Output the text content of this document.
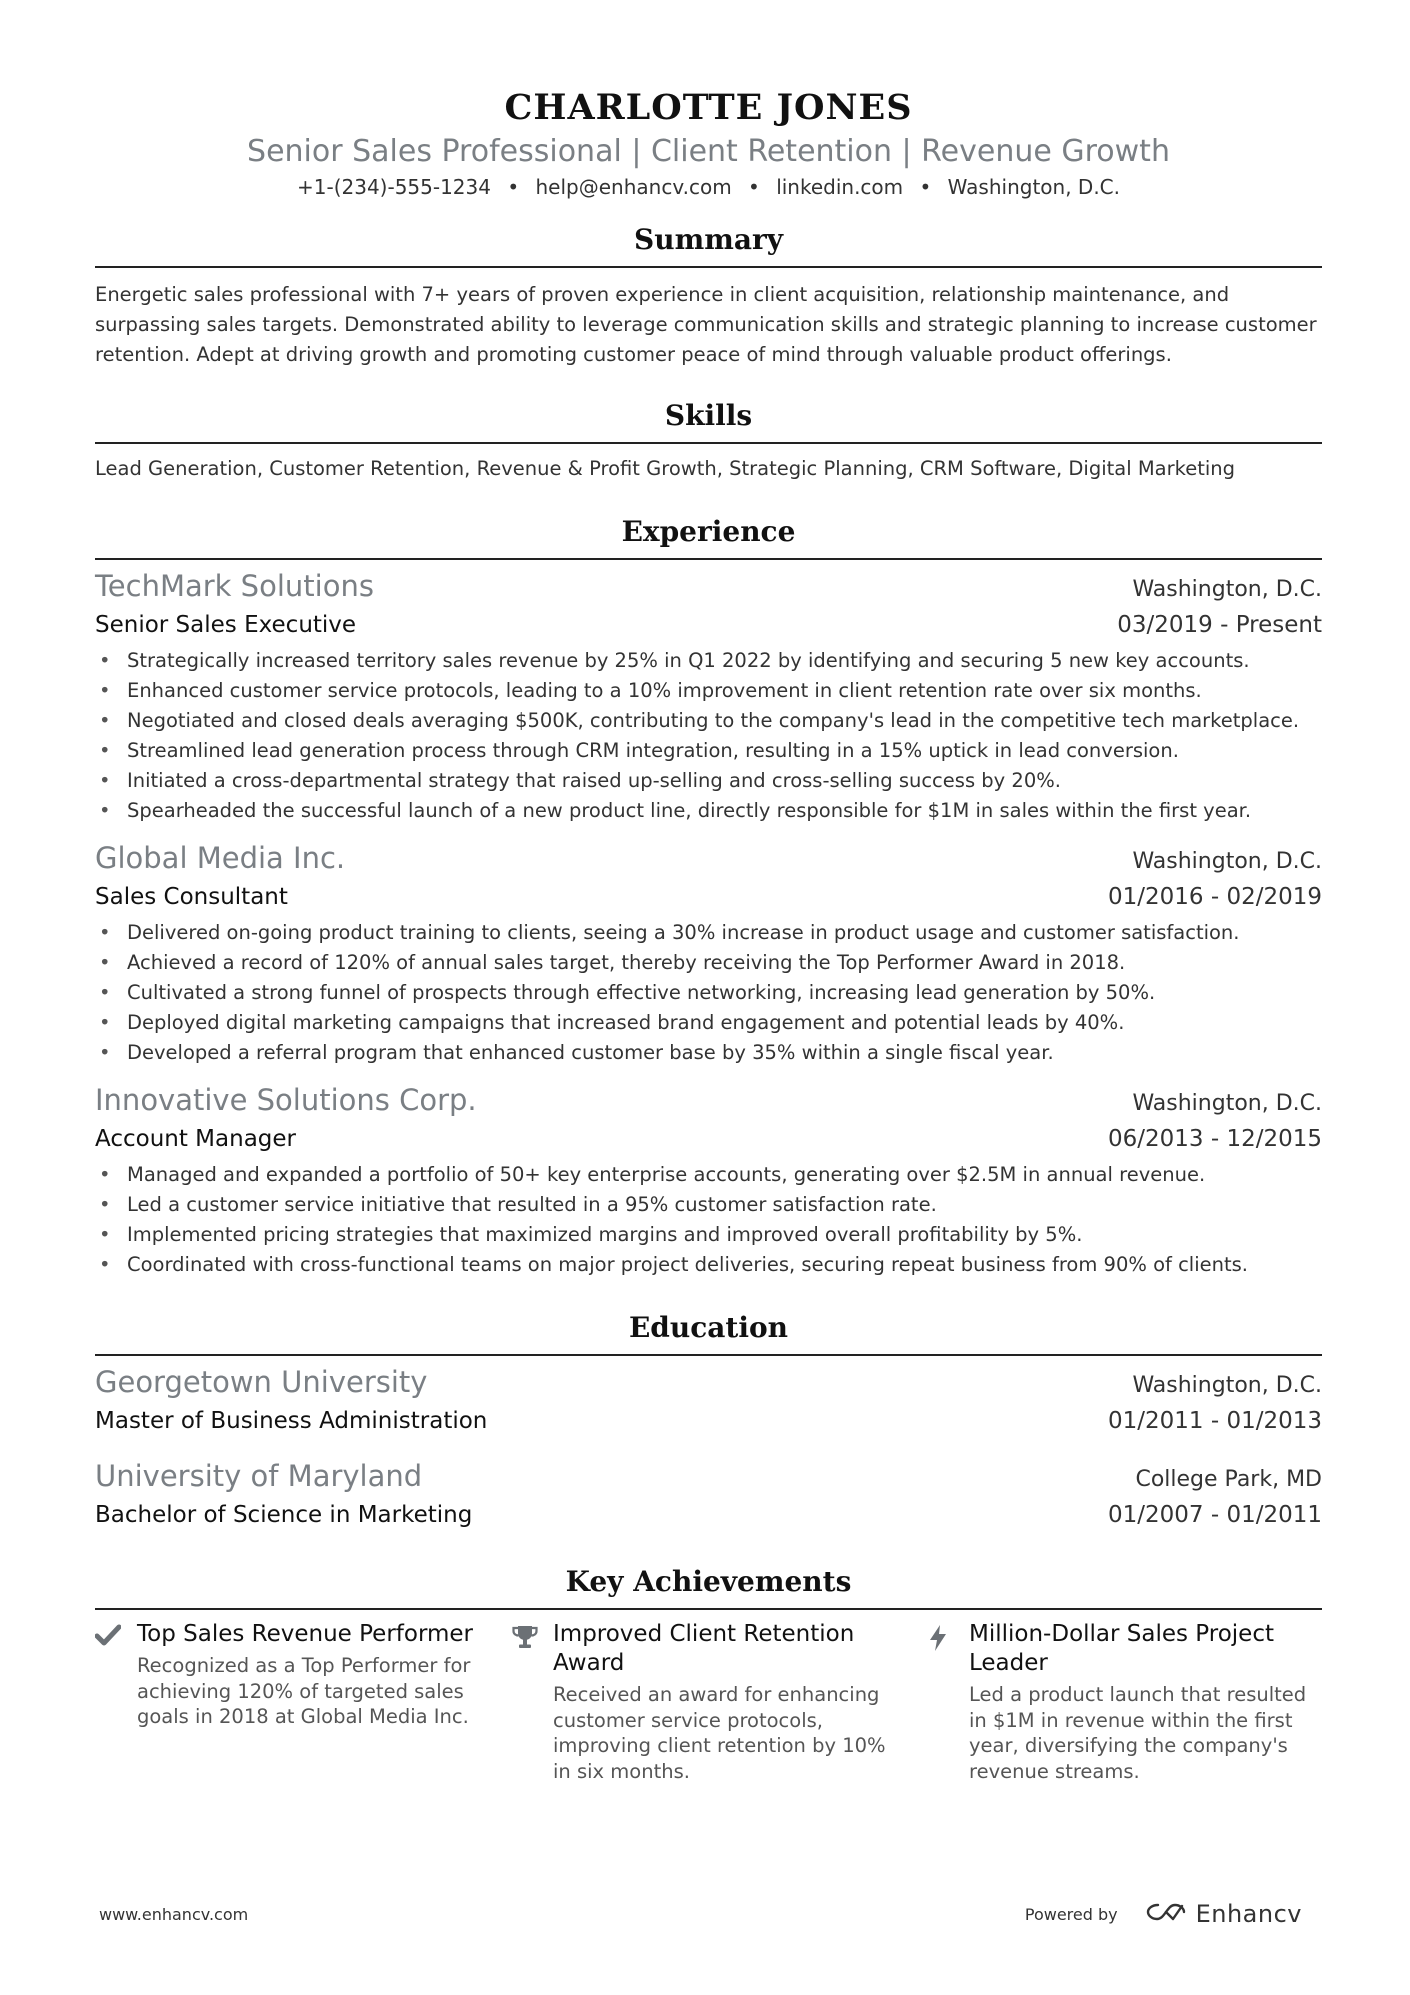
CHARLOTTE JONES
Senior Sales Professional | Client Retention | Revenue Growth
+1-(234)-555-1234 • help@enhancv.com • linkedin.com • Washington, D.C.
Summary
Energetic sales professional with 7+ years of proven experience in client acquisition, relationship maintenance, and surpassing sales targets. Demonstrated ability to leverage communication skills and strategic planning to increase customer retention. Adept at driving growth and promoting customer peace of mind through valuable product offerings.
Skills
Lead Generation, Customer Retention, Revenue & Profit Growth, Strategic Planning, CRM Software, Digital Marketing
Experience
TechMark Solutions	Washington, D.C.
Senior Sales Executive	03/2019 - Present
• Strategically increased territory sales revenue by 25% in Q1 2022 by identifying and securing 5 new key accounts.
• Enhanced customer service protocols, leading to a 10% improvement in client retention rate over six months.
• Negotiated and closed deals averaging $500K, contributing to the company's lead in the competitive tech marketplace.
• Streamlined lead generation process through CRM integration, resulting in a 15% uptick in lead conversion.
• Initiated a cross-departmental strategy that raised up-selling and cross-selling success by 20%.
• Spearheaded the successful launch of a new product line, directly responsible for $1M in sales within the first year.
Global Media Inc.	Washington, D.C.
Sales Consultant	01/2016 - 02/2019
• Delivered on-going product training to clients, seeing a 30% increase in product usage and customer satisfaction.
• Achieved a record of 120% of annual sales target, thereby receiving the Top Performer Award in 2018.
• Cultivated a strong funnel of prospects through effective networking, increasing lead generation by 50%.
• Deployed digital marketing campaigns that increased brand engagement and potential leads by 40%.
• Developed a referral program that enhanced customer base by 35% within a single fiscal year.
Innovative Solutions Corp.	Washington, D.C.
Account Manager	06/2013 - 12/2015
• Managed and expanded a portfolio of 50+ key enterprise accounts, generating over $2.5M in annual revenue.
• Led a customer service initiative that resulted in a 95% customer satisfaction rate.
• Implemented pricing strategies that maximized margins and improved overall profitability by 5%.
• Coordinated with cross-functional teams on major project deliveries, securing repeat business from 90% of clients.
Education
Georgetown University	Washington, D.C.
Master of Business Administration	01/2011 - 01/2013
University of Maryland	College Park, MD
Bachelor of Science in Marketing	01/2007 - 01/2011
Key Achievements
Top Sales Revenue Performer
Recognized as a Top Performer for achieving 120% of targeted sales goals in 2018 at Global Media Inc.
Improved Client Retention Award
Received an award for enhancing customer service protocols, improving client retention by 10% in six months.
Million-Dollar Sales Project Leader
Led a product launch that resulted in $1M in revenue within the first year, diversifying the company's revenue streams.
www.enhancv.com	Powered by	Enhancv
